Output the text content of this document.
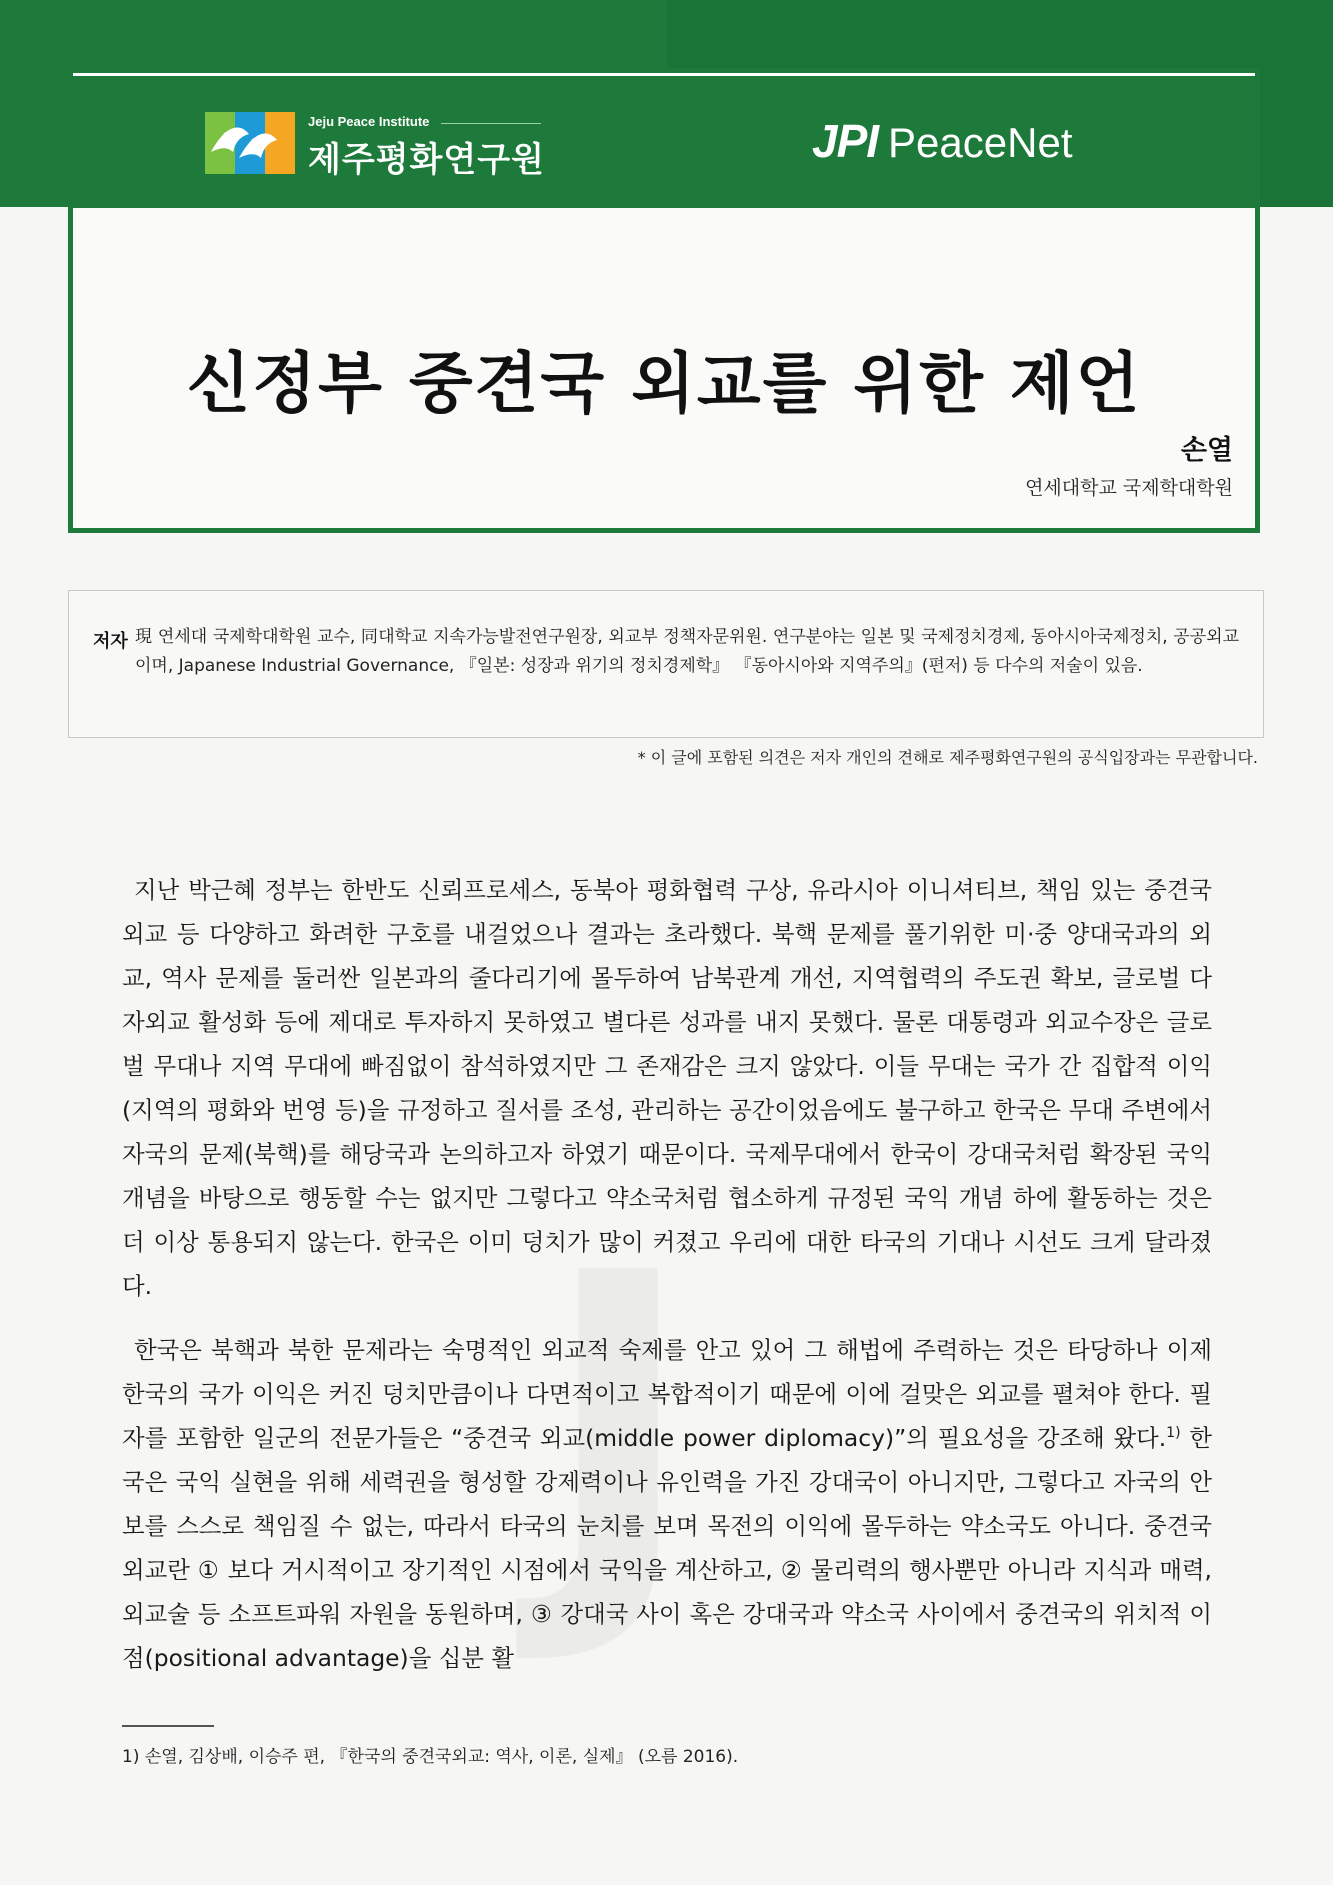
Jeju Peace Institute
제주평화연구원	JPI PeaceNet
신정부 중견국 외교를 위한 제언
손열
연세대학교 국제학대학원
저자 現 연세대 국제학대학원 교수, 同대학교 지속가능발전연구원장, 외교부 정책자문위원. 연구분야는 일본 및 국제정치경제, 동아시아국제정치, 공공외교이며, Japanese Industrial Governance, 『일본: 성장과 위기의 정치경제학』 『동아시아와 지역주의』(편저) 등 다수의 저술이 있음.
* 이 글에 포함된 의견은 저자 개인의 견해로 제주평화연구원의 공식입장과는 무관합니다.

지난 박근혜 정부는 한반도 신뢰프로세스, 동북아 평화협력 구상, 유라시아 이니셔티브, 책임 있는 중견국 외교 등 다양하고 화려한 구호를 내걸었으나 결과는 초라했다. 북핵 문제를 풀기위한 미·중 양대국과의 외교, 역사 문제를 둘러싼 일본과의 줄다리기에 몰두하여 남북관계 개선, 지역협력의 주도권 확보, 글로벌 다자외교 활성화 등에 제대로 투자하지 못하였고 별다른 성과를 내지 못했다. 물론 대통령과 외교수장은 글로벌 무대나 지역 무대에 빠짐없이 참석하였지만 그 존재감은 크지 않았다. 이들 무대는 국가 간 집합적 이익(지역의 평화와 번영 등)을 규정하고 질서를 조성, 관리하는 공간이었음에도 불구하고 한국은 무대 주변에서 자국의 문제(북핵)를 해당국과 논의하고자 하였기 때문이다. 국제무대에서 한국이 강대국처럼 확장된 국익 개념을 바탕으로 행동할 수는 없지만 그렇다고 약소국처럼 협소하게 규정된 국익 개념 하에 활동하는 것은 더 이상 통용되지 않는다. 한국은 이미 덩치가 많이 커졌고 우리에 대한 타국의 기대나 시선도 크게 달라졌다.

한국은 북핵과 북한 문제라는 숙명적인 외교적 숙제를 안고 있어 그 해법에 주력하는 것은 타당하나 이제 한국의 국가 이익은 커진 덩치만큼이나 다면적이고 복합적이기 때문에 이에 걸맞은 외교를 펼쳐야 한다. 필자를 포함한 일군의 전문가들은 “중견국 외교(middle power diplomacy)”의 필요성을 강조해 왔다.$^{1)}$ 한국은 국익 실현을 위해 세력권을 형성할 강제력이나 유인력을 가진 강대국이 아니지만, 그렇다고 자국의 안보를 스스로 책임질 수 없는, 따라서 타국의 눈치를 보며 목전의 이익에 몰두하는 약소국도 아니다. 중견국 외교란 ① 보다 거시적이고 장기적인 시점에서 국익을 계산하고, ② 물리력의 행사뿐만 아니라 지식과 매력, 외교술 등 소프트파워 자원을 동원하며, ③ 강대국 사이 혹은 강대국과 약소국 사이에서 중견국의 위치적 이점(positional advantage)을 십분 활

1) 손열, 김상배, 이승주 편, 『한국의 중견국외교: 역사, 이론, 실제』 (오름 2016).
